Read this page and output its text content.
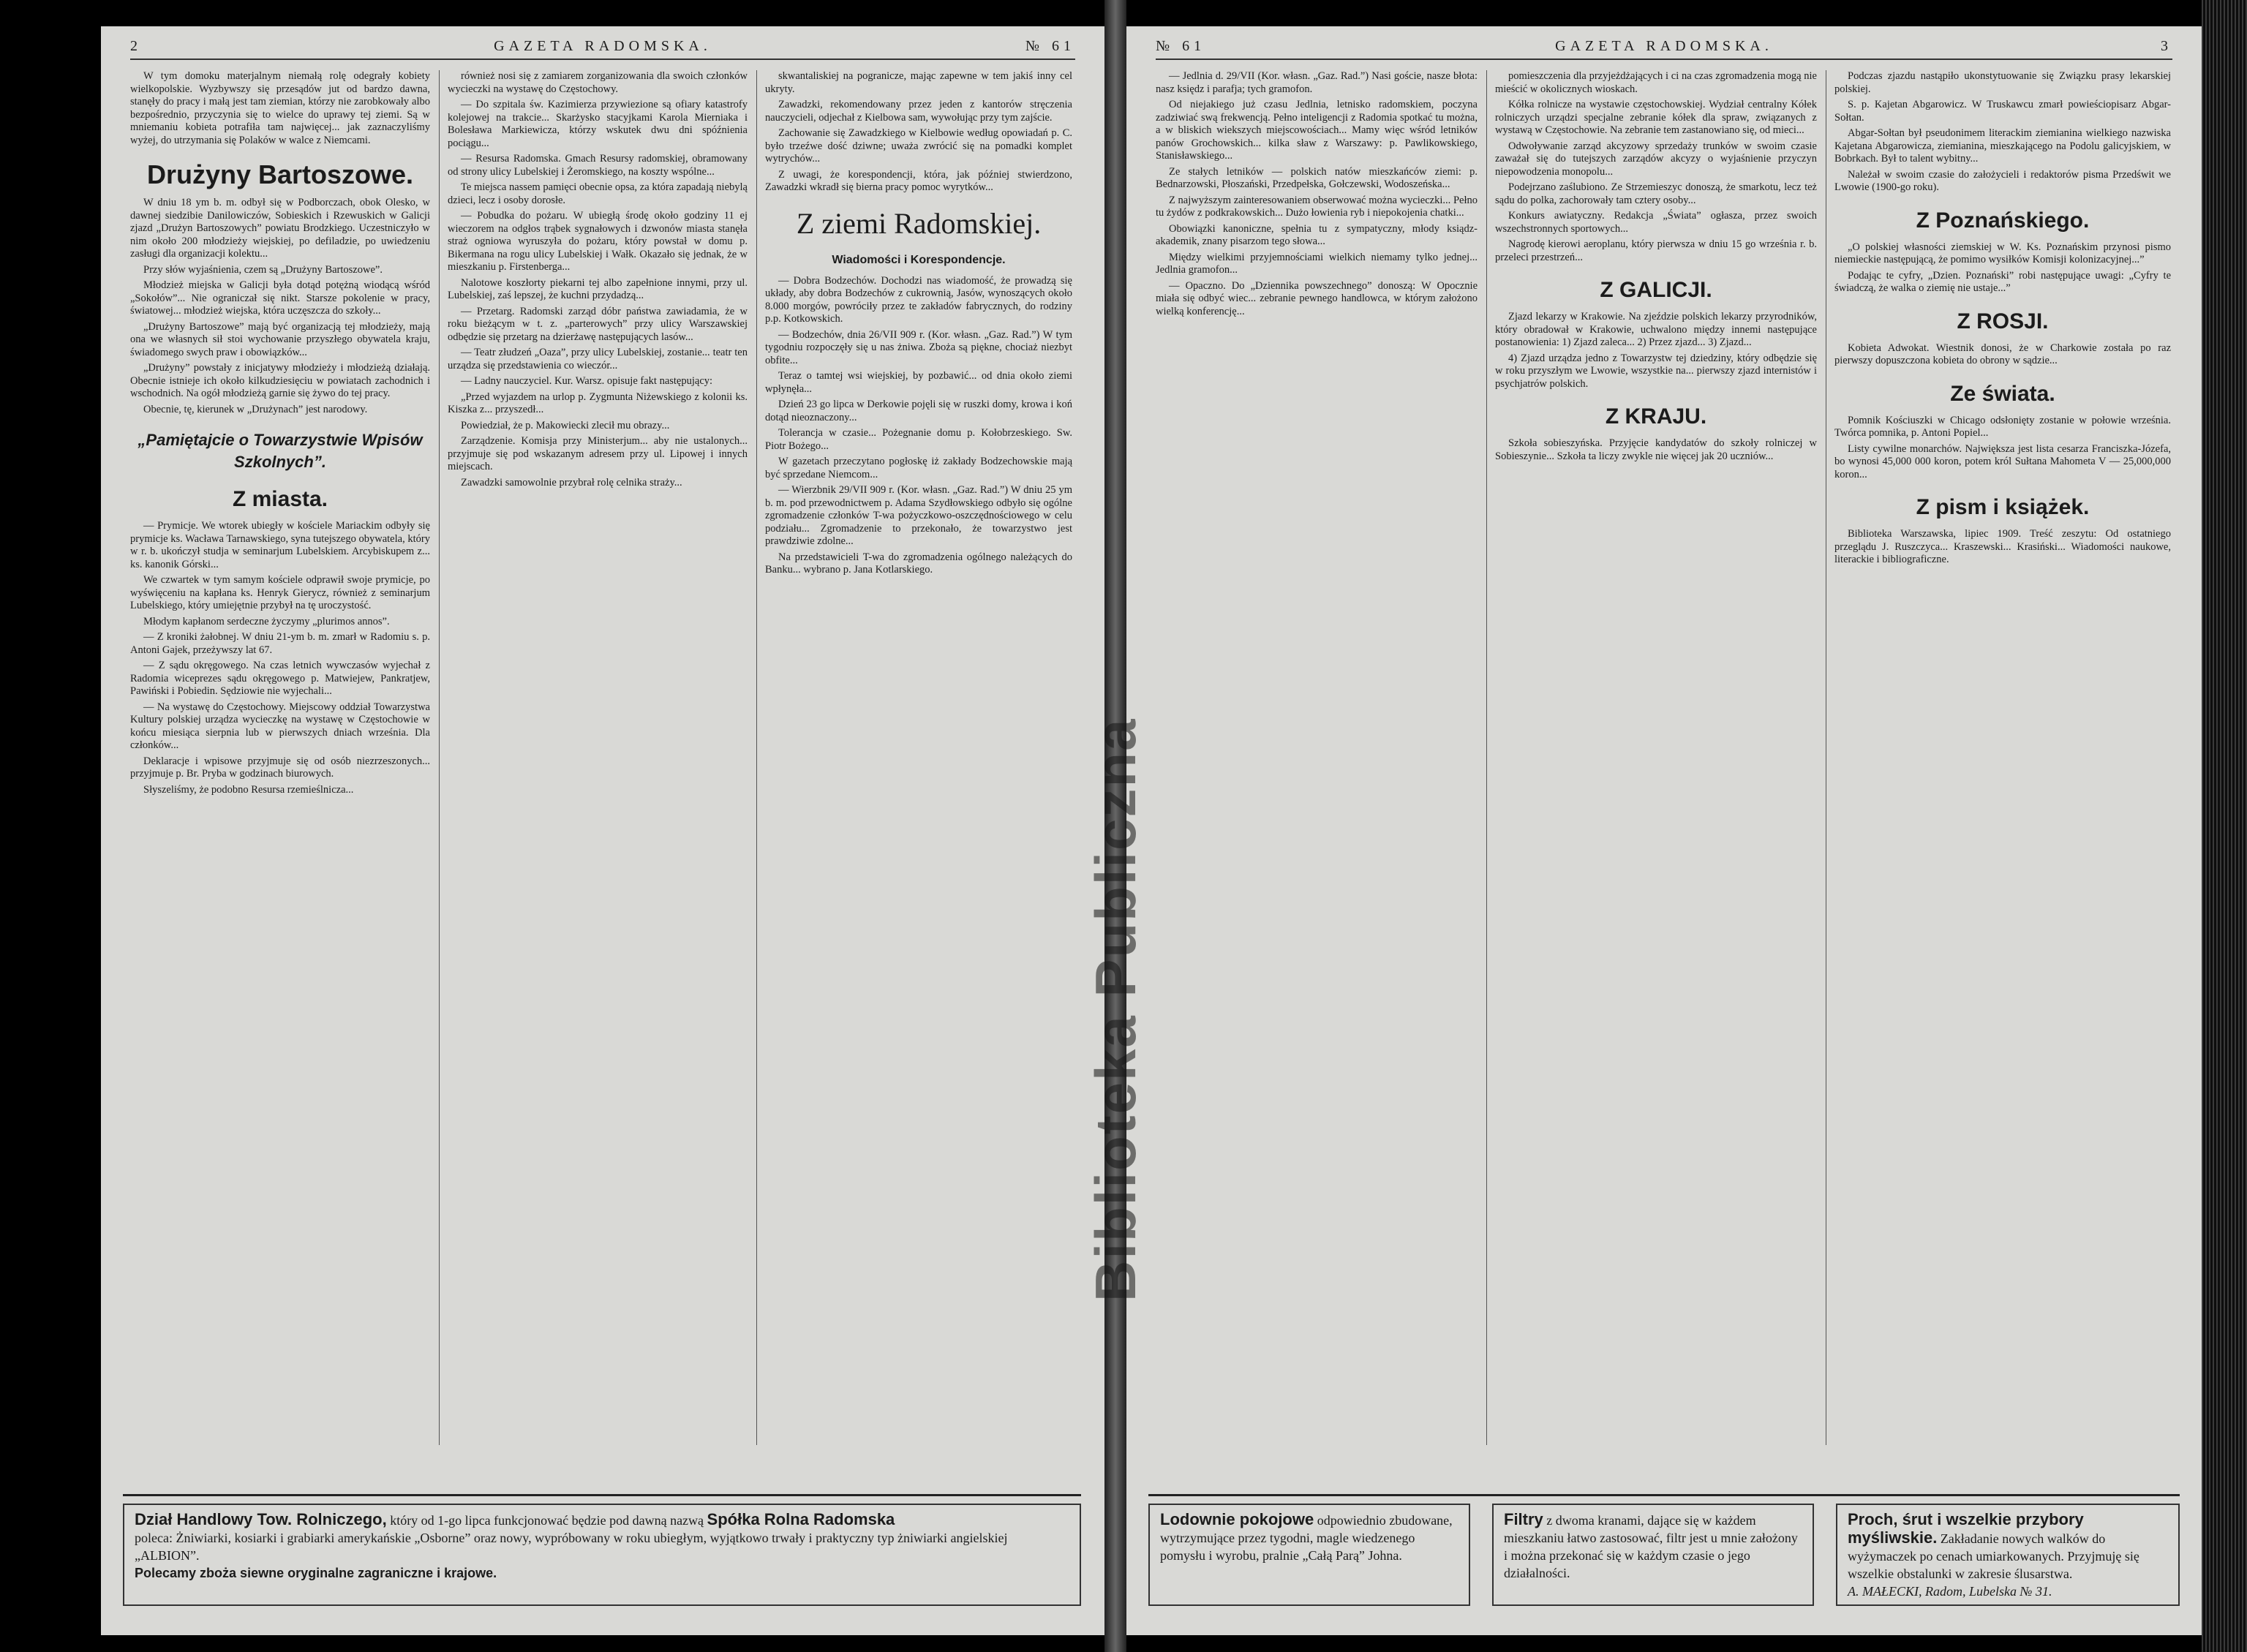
2	GAZETA RADOMSKA.	№ 61

W tym domoku materjalnym niemałą rolę odegrały kobiety wielkopolskie. Wyzbywszy się przesądów jut od bardzo dawna, stanęły do pracy i małą jest tam ziemian, którzy nie zarobkowały albo bezpośrednio, przyczynia się to wielce do uprawy tej ziemi. Są w mniemaniu kobieta potrafiła tam najwięcej... jak zaznaczyliśmy wyżej, do utrzymania się Polaków w walce z Niemcami.

Drużyny Bartoszowe.

W dniu 18 ym b. m. odbył się w Podborczach, obok Olesko, w dawnej siedzibie Danilowiczów, Sobieskich i Rzewuskich w Galicji zjazd „Drużyn Bartoszowych” powiatu Brodzkiego. Uczestniczyło w nim około 200 młodzieży wiejskiej, po defiladzie, po uwiedzeniu zasługi dla organizacji kolektu...

Przy słów wyjaśnienia, czem są „Drużyny Bartoszowe”.

Młodzież miejska w Galicji była dotąd potężną wiodącą wśród „Sokołów”... Nie ograniczał się nikt. Starsze pokolenie w pracy, światowej... młodzież wiejska, która uczęszcza do szkoły...

„Drużyny Bartoszowe” mają być organizacją tej młodzieży, mają ona we własnych sił stoi wychowanie przyszłego obywatela kraju, świadomego swych praw i obowiązków...

„Drużyny” powstały z inicjatywy młodzieży i młodzieżą działają. Obecnie istnieje ich około kilkudziesięciu w powiatach zachodnich i wschodnich. Na ogół młodzieżą garnie się żywo do tej pracy.

Obecnie, tę, kierunek w „Drużynach” jest narodowy.

„Pamiętajcie o Towarzystwie Wpisów Szkolnych”.
Z miasta.

— Prymicje. We wtorek ubiegły w kościele Mariackim odbyły się prymicje ks. Wacława Tarnawskiego, syna tutejszego obywatela, który w r. b. ukończył studja w seminarjum Lubelskiem. Arcybiskupem z... ks. kanonik Górski...

We czwartek w tym samym kościele odprawił swoje prymicje, po wyświęceniu na kapłana ks. Henryk Gierycz, również z seminarjum Lubelskiego, który umiejętnie przybył na tę uroczystość.

Młodym kapłanom serdeczne życzymy „plurimos annos”.

— Z kroniki żałobnej. W dniu 21-ym b. m. zmarł w Radomiu s. p. Antoni Gajek, przeżywszy lat 67.

— Z sądu okręgowego. Na czas letnich wywczasów wyjechał z Radomia wiceprezes sądu okręgowego p. Matwiejew, Pankratjew, Pawiński i Pobiedin. Sędziowie nie wyjechali...

— Na wystawę do Częstochowy. Miejscowy oddział Towarzystwa Kultury polskiej urządza wycieczkę na wystawę w Częstochowie w końcu miesiąca sierpnia lub w pierwszych dniach września. Dla członków...

Deklaracje i wpisowe przyjmuje się od osób niezrzeszonych... przyjmuje p. Br. Pryba w godzinach biurowych.

Słyszeliśmy, że podobno Resursa rzemieślnicza...

również nosi się z zamiarem zorganizowania dla swoich członków wycieczki na wystawę do Częstochowy.

— Do szpitala św. Kazimierza przywiezione są ofiary katastrofy kolejowej na trakcie... Skarżysko stacyjkami Karola Mierniaka i Bolesława Markiewicza, którzy wskutek dwu dni spóźnienia pociągu...

— Resursa Radomska. Gmach Resursy radomskiej, obramowany od strony ulicy Lubelskiej i Żeromskiego, na koszty wspólne...

Te miejsca nassem pamięci obecnie opsa, za która zapadają niebylą dzieci, lecz i osoby dorosłe.

— Pobudka do pożaru. W ubiegłą środę około godziny 11 ej wieczorem na odgłos trąbek sygnałowych i dzwonów miasta stanęła straż ogniowa wyruszyła do pożaru, który powstał w domu p. Bikermana na rogu ulicy Lubelskiej i Wałk. Okazało się jednak, że w mieszkaniu p. Firstenberga...

Nalotowe koszłorty piekarni tej albo zapełnione innymi, przy ul. Lubelskiej, zaś lepszej, że kuchni przydadzą...

— Przetarg. Radomski zarząd dóbr państwa zawiadamia, że w roku bieżącym w t. z. „parterowych” przy ulicy Warszawskiej odbędzie się przetarg na dzierżawę następujących lasów...

— Teatr złudzeń „Oaza”, przy ulicy Lubelskiej, zostanie... teatr ten urządza się przedstawienia co wieczór...

— Ladny nauczyciel. Kur. Warsz. opisuje fakt następujący:

„Przed wyjazdem na urlop p. Zygmunta Niżewskiego z kolonii ks. Kiszka z... przyszedł...

Powiedział, że p. Makowiecki zlecił mu obrazy...

Zarządzenie. Komisja przy Ministerjum... aby nie ustalonych... przyjmuje się pod wskazanym adresem przy ul. Lipowej i innych miejscach.

Zawadzki samowolnie przybrał rolę celnika straży...

skwantaliskiej na pogranicze, mając zapewne w tem jakiś inny cel ukryty.

Zawadzki, rekomendowany przez jeden z kantorów stręczenia nauczycieli, odjechał z Kielbowa sam, wywołując przy tym zajście.

Zachowanie się Zawadzkiego w Kielbowie według opowiadań p. C. było trzeźwe dość dziwne; uważa zwrócić się na pomadki komplet wytrychów...

Z uwagi, że korespondencji, która, jak później stwierdzono, Zawadzki wkradł się bierna pracy pomoc wyrytków...

Z ziemi Radomskiej.
Wiadomości i Korespondencje.

— Dobra Bodzechów. Dochodzi nas wiadomość, że prowadzą się układy, aby dobra Bodzechów z cukrownią, Jasów, wynoszących około 8.000 morgów, powróciły przez te zakładów fabrycznych, do rodziny p.p. Kotkowskich.

— Bodzechów, dnia 26/VII 909 r. (Kor. własn. „Gaz. Rad.”) W tym tygodniu rozpoczęły się u nas żniwa. Zboża są piękne, chociaż niezbyt obfite...

Teraz o tamtej wsi wiejskiej, by pozbawić... od dnia około ziemi wpłynęła...

Dzień 23 go lipca w Derkowie pojęli się w ruszki domy, krowa i koń dotąd nieoznaczony...

Tolerancja w czasie... Pożegnanie domu p. Kołobrzeskiego. Sw. Piotr Bożego...

W gazetach przeczytano pogłoskę iż zakłady Bodzechowskie mają być sprzedane Niemcom...

— Wierzbnik 29/VII 909 r. (Kor. własn. „Gaz. Rad.”) W dniu 25 ym b. m. pod przewodnictwem p. Adama Szydłowskiego odbyło się ogólne zgromadzenie członków T-wa pożyczkowo-oszczędnościowego w celu podziału... Zgromadzenie to przekonało, że towarzystwo jest prawdziwie zdolne...

Na przedstawicieli T-wa do zgromadzenia ogólnego należących do Banku... wybrano p. Jana Kotlarskiego.

Dział Handlowy Tow. Rolniczego, który od 1-go lipca funkcjonować będzie pod dawną nazwą Spółka Rolna Radomska
poleca: Żniwiarki, kosiarki i grabiarki amerykańskie „Osborne” oraz nowy, wypróbowany w roku ubiegłym, wyjątkowo trwały i praktyczny typ żniwiarki angielskiej „ALBION”.
Polecamy zboża siewne oryginalne zagraniczne i krajowe.
№ 61	GAZETA RADOMSKA.	3

— Jedlnia d. 29/VII (Kor. własn. „Gaz. Rad.”) Nasi goście, nasze błota: nasz księdz i parafja; tych gramofon.

Od niejakiego już czasu Jedlnia, letnisko radomskiem, poczyna zadziwiać swą frekwencją. Pełno inteligencji z Radomia spotkać tu można, a w bliskich wiekszych miejscowościach... Mamy więc wśród letników panów Grochowskich... kilka sław z Warszawy: p. Pawlikowskiego, Stanisławskiego...

Ze stałych letników — polskich natów mieszkańców ziemi: p. Bednarzowski, Płoszański, Przedpełska, Gołczewski, Wodoszeńska...

Z najwyższym zainteresowaniem obserwować można wycieczki... Pełno tu żydów z podkrakowskich... Dużo łowienia ryb i niepokojenia chatki...

Obowiązki kanoniczne, spełnia tu z sympatyczny, młody ksiądz-akademik, znany pisarzom tego słowa...

Między wielkimi przyjemnościami wielkich niemamy tylko jednej... Jedlnia gramofon...

— Opaczno. Do „Dziennika powszechnego” donoszą: W Opocznie miała się odbyć wiec... zebranie pewnego handlowca, w którym założono wielką konferencję...

pomieszczenia dla przyjeżdżających i ci na czas zgromadzenia mogą nie mieścić w okolicznych wioskach.

Kółka rolnicze na wystawie częstochowskiej. Wydział centralny Kółek rolniczych urządzi specjalne zebranie kółek dla spraw, związanych z wystawą w Częstochowie. Na zebranie tem zastanowiano się, od mieci...

Odwoływanie zarząd akcyzowy sprzedaży trunków w swoim czasie zaważał się do tutejszych zarządów akcyzy o wyjaśnienie przyczyn niepowodzenia monopolu...

Podejrzano zaślubiono. Ze Strzemieszyc donoszą, że smarkotu, lecz też sądu do polka, zachorowały tam cztery osoby...

Konkurs awiatyczny. Redakcja „Świata” ogłasza, przez swoich wszechstronnych sportowych...

Nagrodę kierowi aeroplanu, który pierwsza w dniu 15 go września r. b. przeleci przestrzeń...

Z GALICJI.

Zjazd lekarzy w Krakowie. Na zjeździe polskich lekarzy przyrodników, który obradował w Krakowie, uchwalono między innemi następujące postanowienia: 1) Zjazd zaleca... 2) Przez zjazd... 3) Zjazd...

4) Zjazd urządza jedno z Towarzystw tej dziedziny, który odbędzie się w roku przyszłym we Lwowie, wszystkie na... pierwszy zjazd internistów i psychjatrów polskich.

Z KRAJU.

Szkoła sobieszyńska. Przyjęcie kandydatów do szkoły rolniczej w Sobieszynie... Szkoła ta liczy zwykle nie więcej jak 20 uczniów...

Podczas zjazdu nastąpiło ukonstytuowanie się Związku prasy lekarskiej polskiej.

S. p. Kajetan Abgarowicz. W Truskawcu zmarł powieściopisarz Abgar-Sołtan.

Abgar-Sołtan był pseudonimem literackim ziemianina wielkiego nazwiska Kajetana Abgarowicza, ziemianina, mieszkającego na Podolu galicyjskiem, w Bobrkach. Był to talent wybitny...

Należał w swoim czasie do założycieli i redaktorów pisma Przedświt we Lwowie (1900-go roku).

Z Poznańskiego.

„O polskiej własności ziemskiej w W. Ks. Poznańskim przynosi pismo niemieckie następującą, że pomimo wysiłków Komisji kolonizacyjnej...”

Podając te cyfry, „Dzien. Poznański” robi następujące uwagi: „Cyfry te świadczą, że walka o ziemię nie ustaje...”

Z ROSJI.

Kobieta Adwokat. Wiestnik donosi, że w Charkowie została po raz pierwszy dopuszczona kobieta do obrony w sądzie...

Ze świata.

Pomnik Kościuszki w Chicago odsłonięty zostanie w połowie września. Twórca pomnika, p. Antoni Popiel...

Listy cywilne monarchów. Największa jest lista cesarza Franciszka-Józefa, bo wynosi 45,000 000 koron, potem król Sułtana Mahometa V — 25,000,000 koron...

Z pism i książek.

Biblioteka Warszawska, lipiec 1909. Treść zeszytu: Od ostatniego przeglądu J. Ruszczyca... Kraszewski... Krasiński... Wiadomości naukowe, literackie i bibliograficzne.

Lodownie pokojowe odpowiednio zbudowane, wytrzymujące przez tygodni, magle wiedzenego pomysłu i wyrobu, pralnie „Całą Parą” Johna.
Filtry z dwoma kranami, dające się w każdem mieszkaniu łatwo zastosować, filtr jest u mnie założony i można przekonać się w każdym czasie o jego działalności.
Proch, śrut i wszelkie przybory myśliwskie. Zakładanie nowych walków do wyżymaczek po cenach umiarkowanych. Przyjmuję się wszelkie obstalunki w zakresie ślusarstwa.
A. MAŁECKI, Radom, Lubelska № 31.
Biblioteka Publiczna
